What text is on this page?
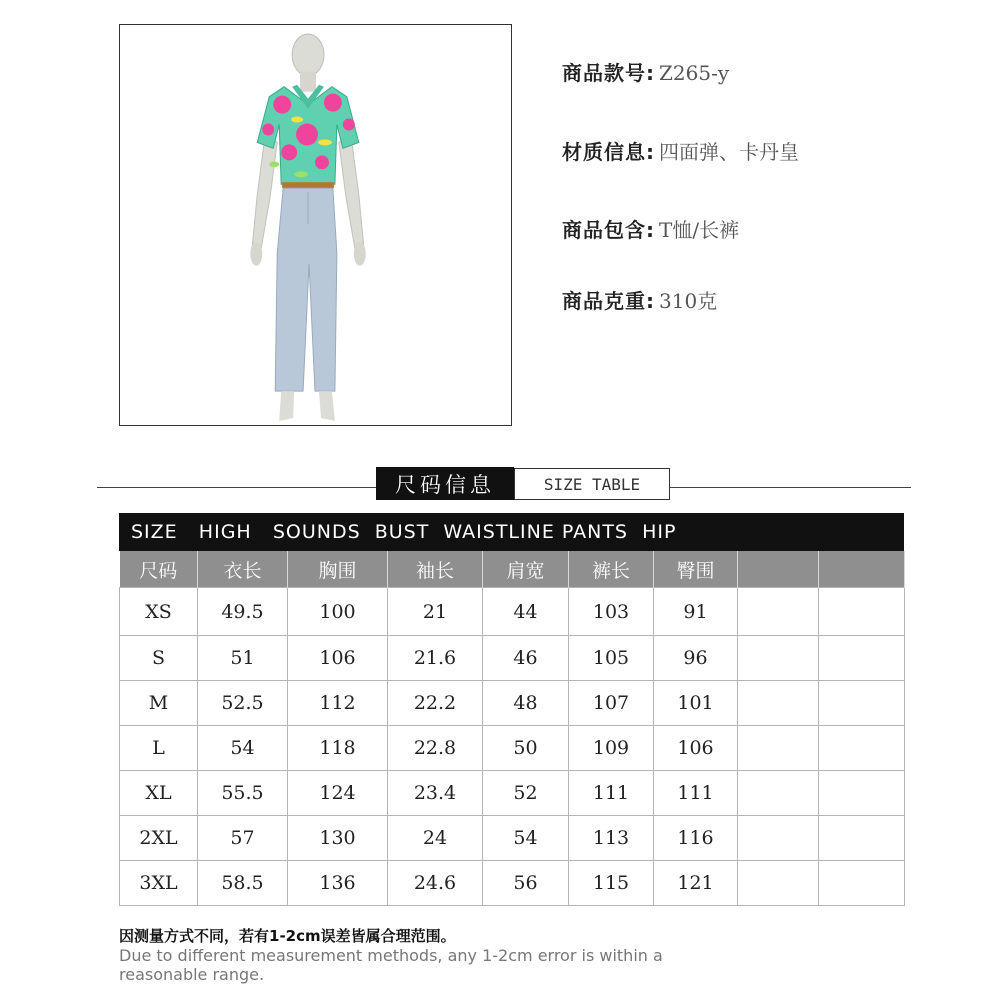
商品款号: Z265-y
材质信息: 四面弹、卡丹皇
商品包含: T恤/长裤
商品克重: 310克
尺码信息	SIZE TABLE
SIZE   HIGH   SOUNDS  BUST  WAISTLINE PANTS  HIP
尺码	衣长	胸围	袖长	肩宽	裤长	臀围		
XS	49.5	100	21	44	103	91		
S	51	106	21.6	46	105	96		
M	52.5	112	22.2	48	107	101		
L	54	118	22.8	50	109	106		
XL	55.5	124	23.4	52	111	111		
2XL	57	130	24	54	113	116		
3XL	58.5	136	24.6	56	115	121		
因测量方式不同，若有1-2cm误差皆属合理范围。
Due to different measurement methods, any 1-2cm error is within a reasonable range.
